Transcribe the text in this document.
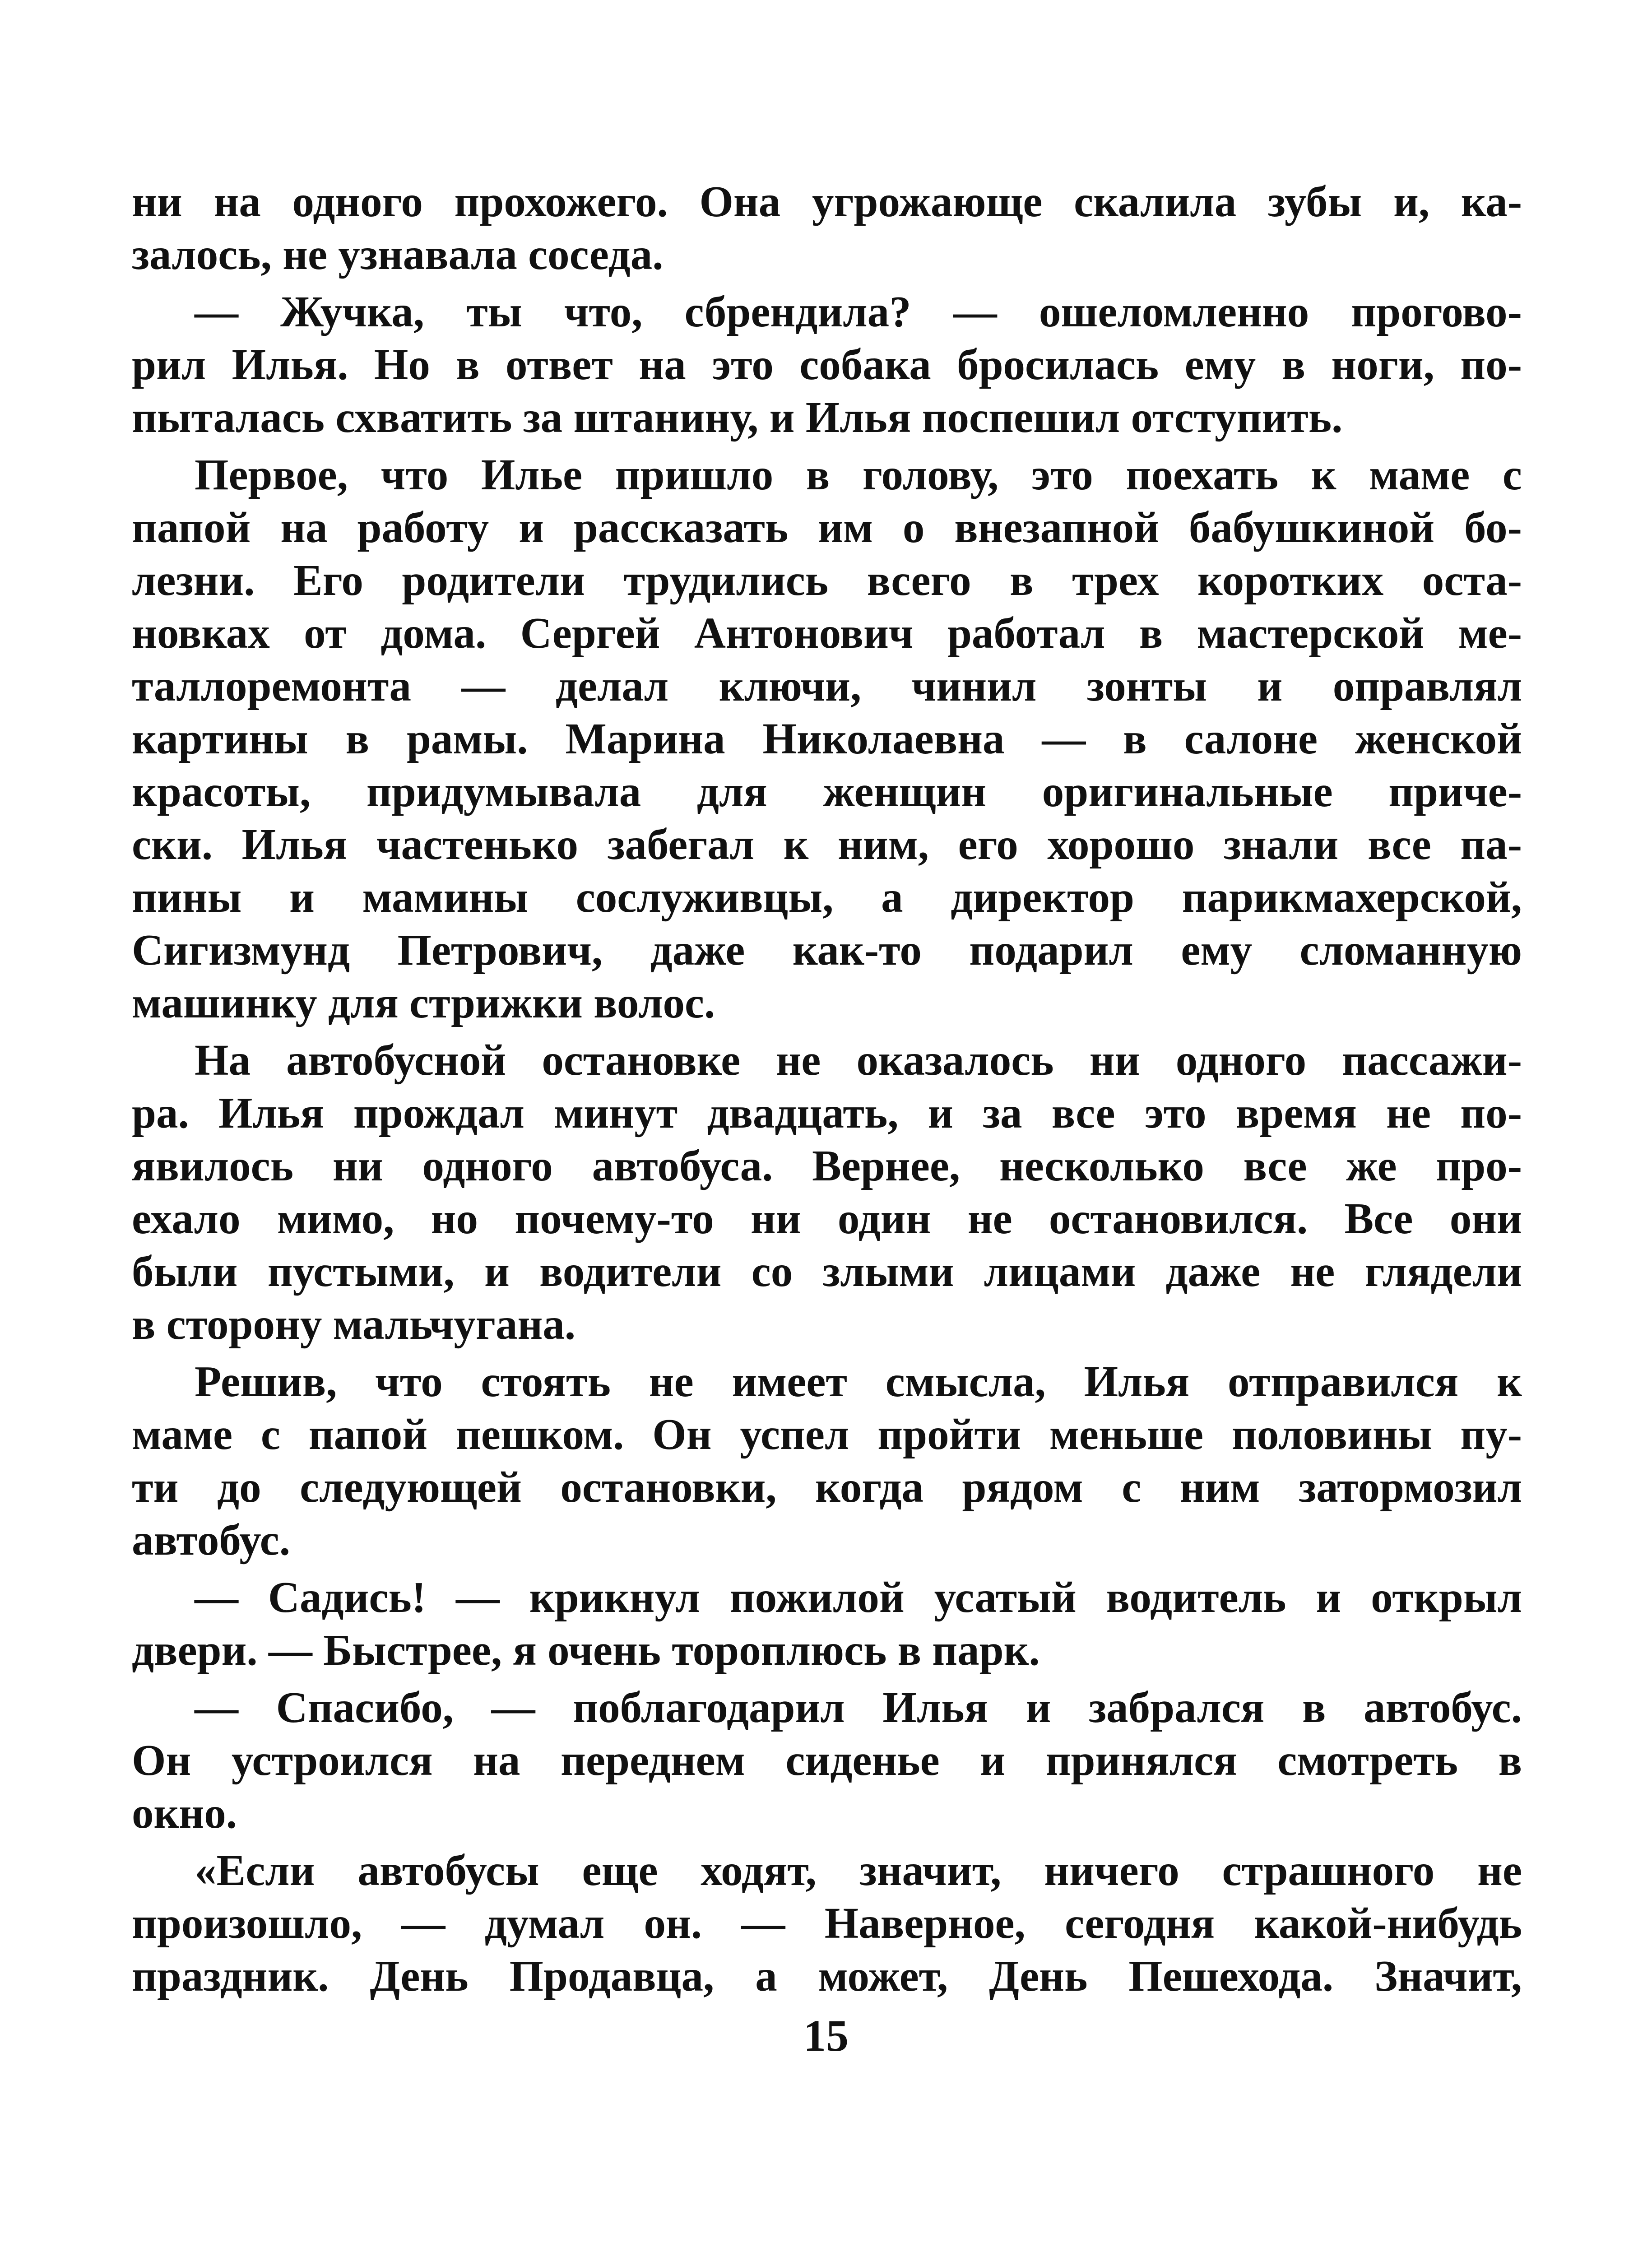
ни на одного прохожего. Она угрожающе скалила зубы и, ка-
залось, не узнавала соседа.
— Жучка, ты что, сбрендила? — ошеломленно прогово-
рил Илья. Но в ответ на это собака бросилась ему в ноги, по-
пыталась схватить за штанину, и Илья поспешил отступить.
Первое, что Илье пришло в голову, это поехать к маме с
папой на работу и рассказать им о внезапной бабушкиной бо-
лезни. Его родители трудились всего в трех коротких оста-
новках от дома. Сергей Антонович работал в мастерской ме-
таллоремонта — делал ключи, чинил зонты и оправлял
картины в рамы. Марина Николаевна — в салоне женской
красоты, придумывала для женщин оригинальные приче-
ски. Илья частенько забегал к ним, его хорошо знали все па-
пины и мамины сослуживцы, а директор парикмахерской,
Сигизмунд Петрович, даже как-то подарил ему сломанную
машинку для стрижки волос.
На автобусной остановке не оказалось ни одного пассажи-
ра. Илья прождал минут двадцать, и за все это время не по-
явилось ни одного автобуса. Вернее, несколько все же про-
ехало мимо, но почему-то ни один не остановился. Все они
были пустыми, и водители со злыми лицами даже не глядели
в сторону мальчугана.
Решив, что стоять не имеет смысла, Илья отправился к
маме с папой пешком. Он успел пройти меньше половины пу-
ти до следующей остановки, когда рядом с ним затормозил
автобус.
— Садись! — крикнул пожилой усатый водитель и открыл
двери. — Быстрее, я очень тороплюсь в парк.
— Спасибо, — поблагодарил Илья и забрался в автобус.
Он устроился на переднем сиденье и принялся смотреть в
окно.
«Если автобусы еще ходят, значит, ничего страшного не
произошло, — думал он. — Наверное, сегодня какой-нибудь
праздник. День Продавца, а может, День Пешехода. Значит,
15
